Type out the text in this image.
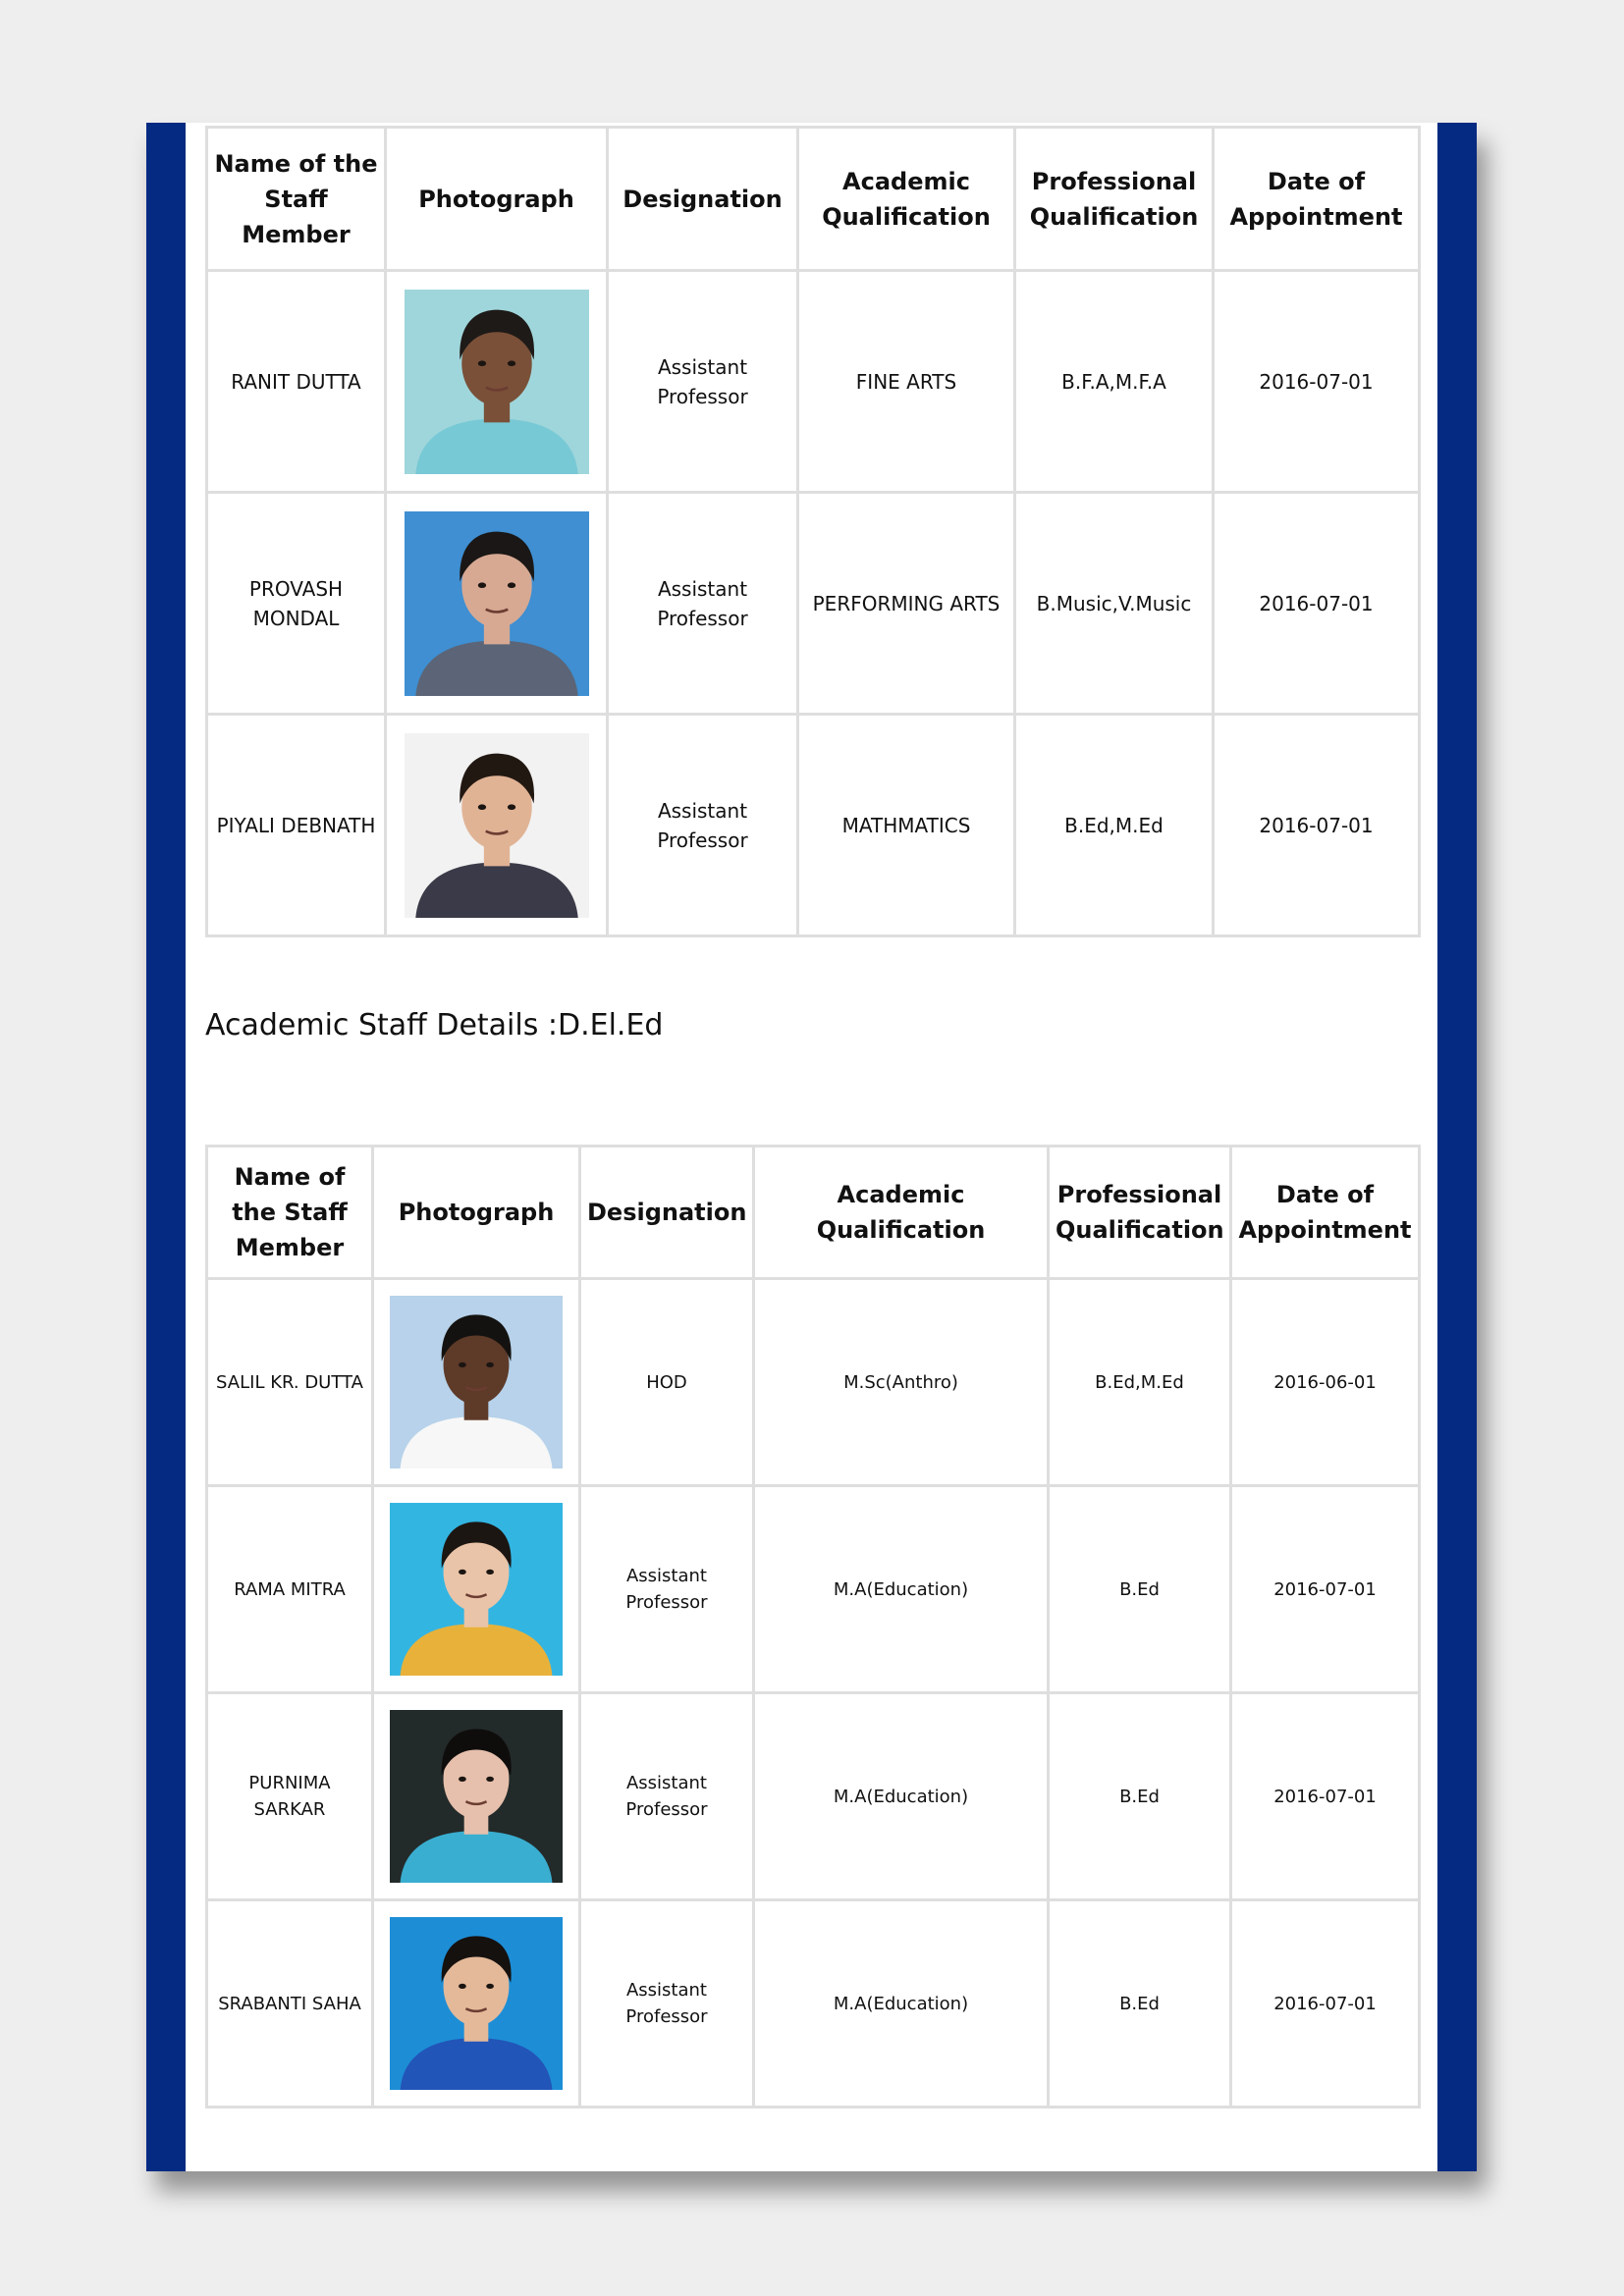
Name of the Staff Member	Photograph	Designation	Academic Qualification	Professional Qualification	Date of Appointment
RANIT DUTTA		Assistant Professor	FINE ARTS	B.F.A,M.F.A	2016-07-01
PROVASH MONDAL		Assistant Professor	PERFORMING ARTS	B.Music,V.Music	2016-07-01
PIYALI DEBNATH		Assistant Professor	MATHMATICS	B.Ed,M.Ed	2016-07-01
Academic Staff Details :D.El.Ed
Name of the Staff Member	Photograph	Designation	Academic Qualification	Professional Qualification	Date of Appointment
SALIL KR. DUTTA		HOD	M.Sc(Anthro)	B.Ed,M.Ed	2016-06-01
RAMA MITRA		Assistant Professor	M.A(Education)	B.Ed	2016-07-01
PURNIMA SARKAR		Assistant Professor	M.A(Education)	B.Ed	2016-07-01
SRABANTI SAHA		Assistant Professor	M.A(Education)	B.Ed	2016-07-01
